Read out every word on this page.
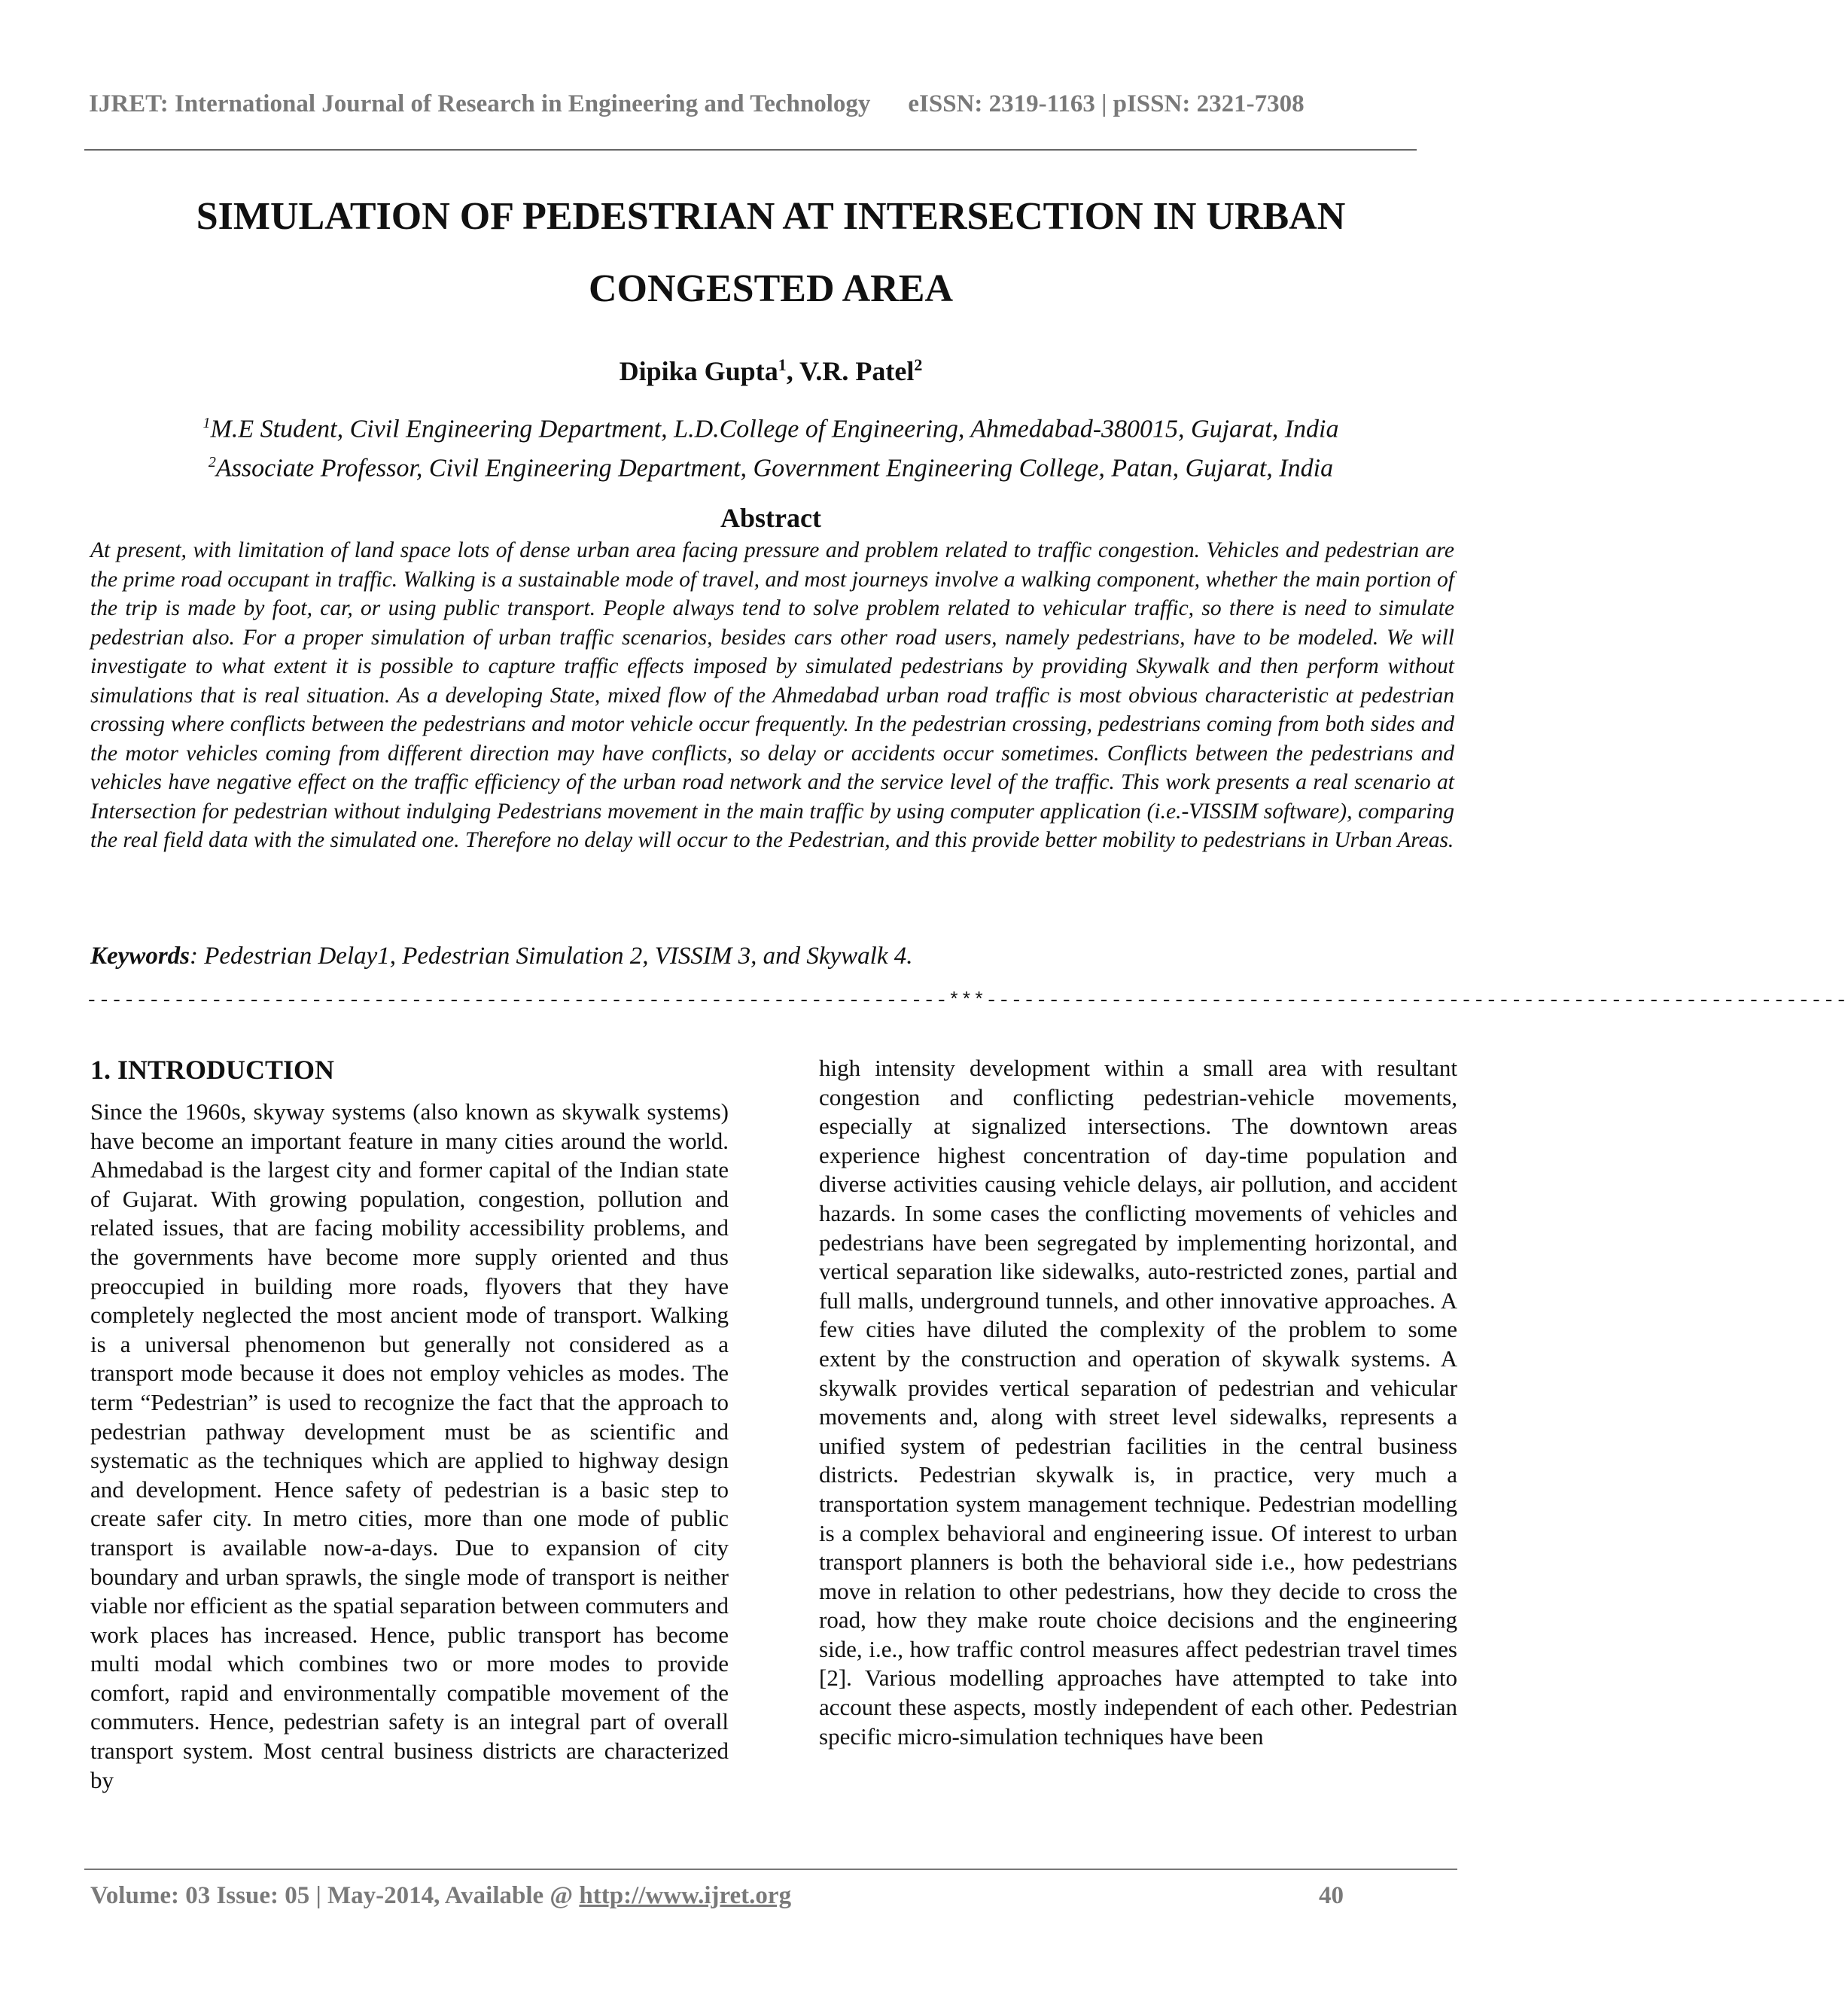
IJRET: International Journal of Research in Engineering and Technology eISSN: 2319-1163 | pISSN: 2321-7308
SIMULATION OF PEDESTRIAN AT INTERSECTION IN URBAN
CONGESTED AREA
Dipika Gupta$^1$, V.R. Patel$^2$
$^1$M.E Student, Civil Engineering Department, L.D.College of Engineering, Ahmedabad-380015, Gujarat, India
$^2$Associate Professor, Civil Engineering Department, Government Engineering College, Patan, Gujarat, India
Abstract
At present, with limitation of land space lots of dense urban area facing pressure and problem related to traffic congestion. Vehicles and pedestrian are the prime road occupant in traffic. Walking is a sustainable mode of travel, and most journeys involve a walking component, whether the main portion of the trip is made by foot, car, or using public transport. People always tend to solve problem related to vehicular traffic, so there is need to simulate pedestrian also. For a proper simulation of urban traffic scenarios, besides cars other road users, namely pedestrians, have to be modeled. We will investigate to what extent it is possible to capture traffic effects imposed by simulated pedestrians by providing Skywalk and then perform without simulations that is real situation. As a developing State, mixed flow of the Ahmedabad urban road traffic is most obvious characteristic at pedestrian crossing where conflicts between the pedestrians and motor vehicle occur frequently. In the pedestrian crossing, pedestrians coming from both sides and the motor vehicles coming from different direction may have conflicts, so delay or accidents occur sometimes. Conflicts between the pedestrians and vehicles have negative effect on the traffic efficiency of the urban road network and the service level of the traffic. This work presents a real scenario at Intersection for pedestrian without indulging Pedestrians movement in the main traffic by using computer application (i.e.-VISSIM software), comparing the real field data with the simulated one. Therefore no delay will occur to the Pedestrian, and this provide better mobility to pedestrians in Urban Areas.
Keywords: Pedestrian Delay1, Pedestrian Simulation 2, VISSIM 3, and Skywalk 4.
---------------------------------------------------------------------***---------------------------------------------------------------------
1. INTRODUCTION
Since the 1960s, skyway systems (also known as skywalk systems) have become an important feature in many cities around the world. Ahmedabad is the largest city and former capital of the Indian state of Gujarat. With growing population, congestion, pollution and related issues, that are facing mobility accessibility problems, and the governments have become more supply oriented and thus preoccupied in building more roads, flyovers that they have completely neglected the most ancient mode of transport. Walking is a universal phenomenon but generally not considered as a transport mode because it does not employ vehicles as modes. The term “Pedestrian” is used to recognize the fact that the approach to pedestrian pathway development must be as scientific and systematic as the techniques which are applied to highway design and development. Hence safety of pedestrian is a basic step to create safer city. In metro cities, more than one mode of public transport is available now-a-days. Due to expansion of city boundary and urban sprawls, the single mode of transport is neither viable nor efficient as the spatial separation between commuters and work places has increased. Hence, public transport has become multi modal which combines two or more modes to provide comfort, rapid and environmentally compatible movement of the commuters. Hence, pedestrian safety is an integral part of overall transport system. Most central business districts are characterized by
high intensity development within a small area with resultant congestion and conflicting pedestrian-vehicle movements, especially at signalized intersections. The downtown areas experience highest concentration of day-time population and diverse activities causing vehicle delays, air pollution, and accident hazards. In some cases the conflicting movements of vehicles and pedestrians have been segregated by implementing horizontal, and vertical separation like sidewalks, auto-restricted zones, partial and full malls, underground tunnels, and other innovative approaches. A few cities have diluted the complexity of the problem to some extent by the construction and operation of skywalk systems. A skywalk provides vertical separation of pedestrian and vehicular movements and, along with street level sidewalks, represents a unified system of pedestrian facilities in the central business districts. Pedestrian skywalk is, in practice, very much a transportation system management technique. Pedestrian modelling is a complex behavioral and engineering issue. Of interest to urban transport planners is both the behavioral side i.e., how pedestrians move in relation to other pedestrians, how they decide to cross the road, how they make route choice decisions and the engineering side, i.e., how traffic control measures affect pedestrian travel times [2]. Various modelling approaches have attempted to take into account these aspects, mostly independent of each other. Pedestrian specific micro-simulation techniques have been
Volume: 03 Issue: 05 | May-2014, Available @ http://www.ijret.org	40
